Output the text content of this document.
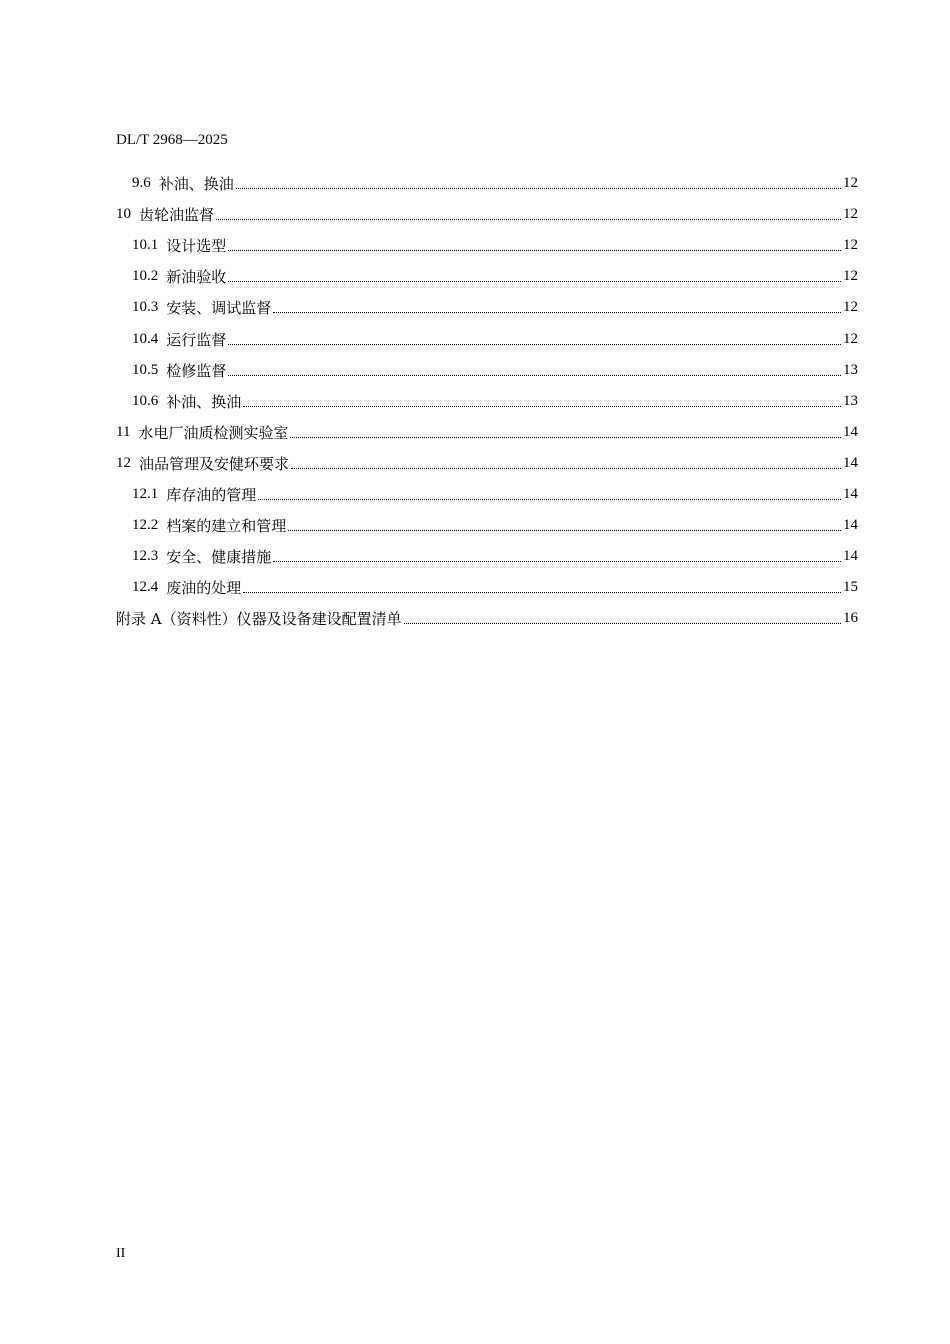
DL/T 2968—2025
9.6 补油、换油	12
10 齿轮油监督	12
10.1 设计选型	12
10.2 新油验收	12
10.3 安装、调试监督	12
10.4 运行监督	12
10.5 检修监督	13
10.6 补油、换油	13
11 水电厂油质检测实验室	14
12 油品管理及安健环要求	14
12.1 库存油的管理	14
12.2 档案的建立和管理	14
12.3 安全、健康措施	14
12.4 废油的处理	15
附录 A（资料性）仪器及设备建设配置清单	16
II
